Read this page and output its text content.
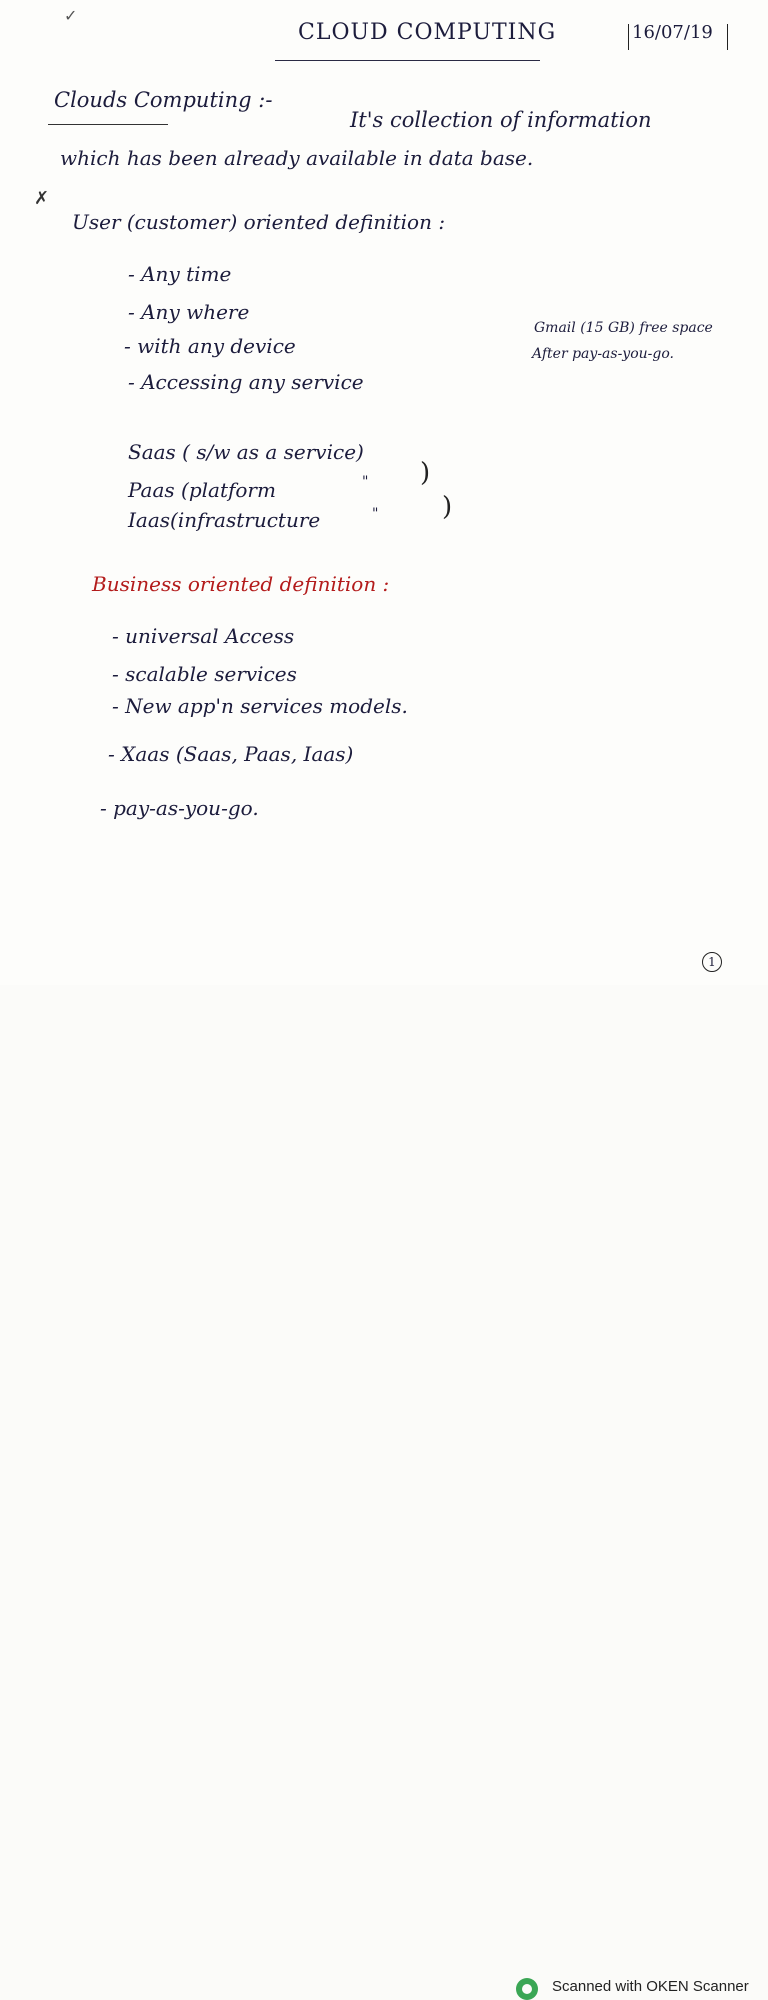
✓
CLOUD COMPUTING	16/07/19
Clouds Computing :-
It's collection of information
which has been already available in data base.
✗
User (customer) oriented definition :
- Any time
- Any where
- with any device
- Accessing any service
Gmail (15 GB) free space
After pay-as-you-go.
Saas ( s/w as a service)
Paas (platform
Iaas(infrastructure
"
"
)
)
Business oriented definition :
- universal Access
- scalable services
- New app'n services models.
- Xaas (Saas, Paas, Iaas)
- pay-as-you-go.
1
Scanned with OKEN Scanner
